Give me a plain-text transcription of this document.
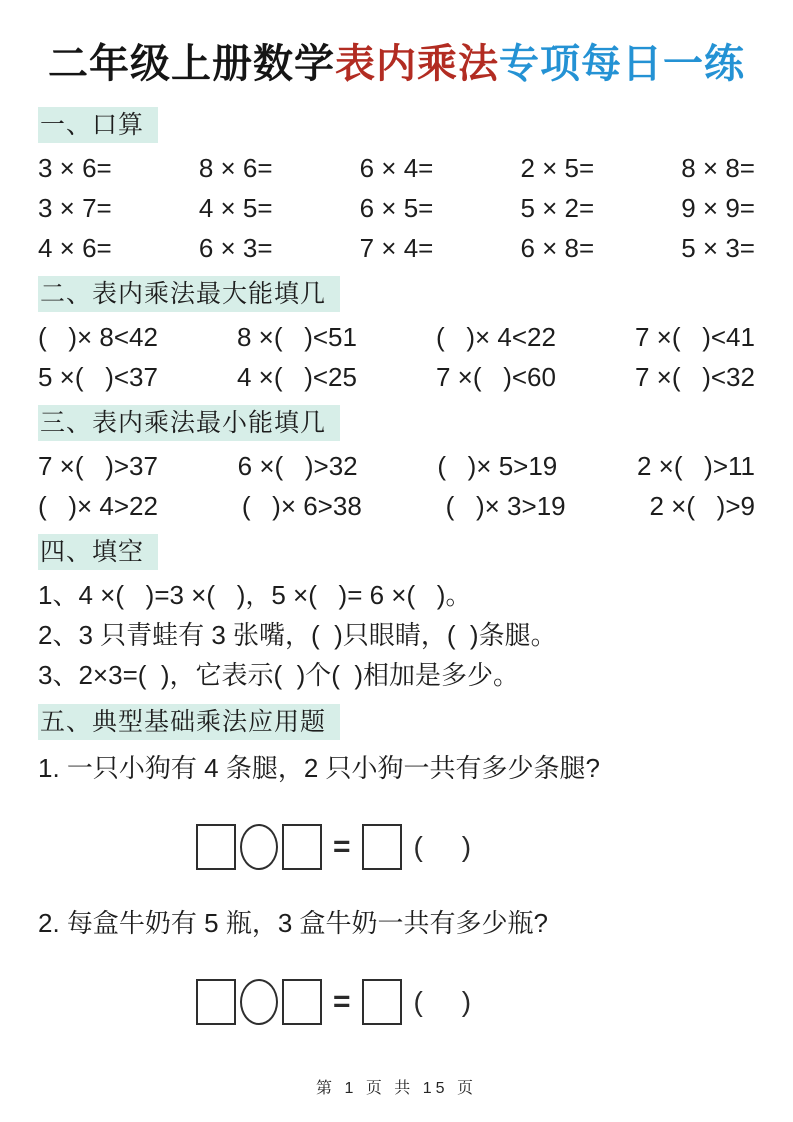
二年级上册数学表内乘法专项每日一练
一、口算
3 × 6=	8 × 6=	6 × 4=	2 × 5=	8 × 8=
3 × 7=	4 × 5=	6 × 5=	5 × 2=	9 × 9=
4 × 6=	6 × 3=	7 × 4=	6 × 8=	5 × 3=
二、表内乘法最大能填几
(   )× 8<42	8 ×(   )<51	(   )× 4<22	7 ×(   )<41
5 ×(   )<37	4 ×(   )<25	7 ×(   )<60	7 ×(   )<32
三、表内乘法最小能填几
7 ×(   )>37	6 ×(   )>32	(   )× 5>19	2 ×(   )>11
(   )× 4>22	(   )× 6>38	(   )× 3>19	2 ×(   )>9
四、填空
1、4 ×(   )=3 ×(   )，5 ×(   )= 6 ×(   )。
2、3 只青蛙有 3 张嘴，(  )只眼睛，(  )条腿。
3、2×3=(  )，它表示(  )个(  )相加是多少。
五、典型基础乘法应用题
1. 一只小狗有 4 条腿，2 只小狗一共有多少条腿?
= (     )
2. 每盒牛奶有 5 瓶，3 盒牛奶一共有多少瓶?
= (     )
第 1 页 共 15 页
